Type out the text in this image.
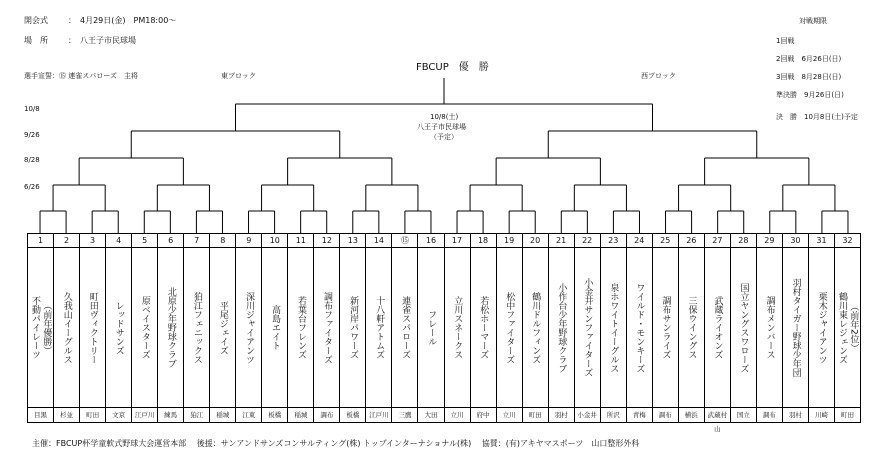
開会式	：　4月29日(金)　PM18:00〜
場　所	：　八王子市民球場
選手宣誓：⑮ 連雀スパローズ　主将
FBCUP　優　勝
東ブロック	西ブロック
対戦期限
1回戦
2回戦　6月26日(日)
3回戦　8月28日(日)
準決勝　9月26日(日)
決　勝　10月8日(土)予定
10/8
9/26
8/28
6/26
10/8(土)
八王子市民球場
（予定）
1
不動パイレーツ （前年優勝）
目黒
2
久我山イーグルス
杉並
3
町田ヴィクトリー
町田
4
レッドサンズ
文京
5
原ベイスターズ
江戸川
6
北原少年野球クラブ
練馬
7
狛江フェニックス
狛江
8
平尾ジェイズ
稲城
9
深川ジャイアンツ
江東
10
高島エイト
板橋
11
若葉台フレンズ
稲城
12
調布ファイターズ
調布
13
新河岸パワーズ
板橋
14
十八軒アトムズ
江戸川
⑮
連雀スパローズ
三鷹
16
フレール
大田
17
立川スネークス
立川
18
若松ホーマーズ
府中
19
松中ファイターズ
立川
20
鶴川ドルフィンズ
町田
21
小作台少年野球クラブ
羽村
22
小金井サンファイターズ
小金井
23
泉ホワイトイーグルス
所沢
24
ワイルド・モンキーズ
青梅
25
調布サンライズ
調布
26
三保ウイングス
横浜
27
武蔵ライオンズ
武蔵村山
28
国立ヤングスワローズ
国立
29
調布メンバース
調布
30
羽村タイガー野球少年団
羽村
31
栗木ジャイアンツ
川崎
32
鶴川東レジェンズ （前年2位）
町田
主催：FBCUP杯学童軟式野球大会運営本部　 後援：サンアンドサンズコンサルティング(株) トップインターナショナル(株)　 協賛：(有)アキヤマスポーツ　山口整形外科
